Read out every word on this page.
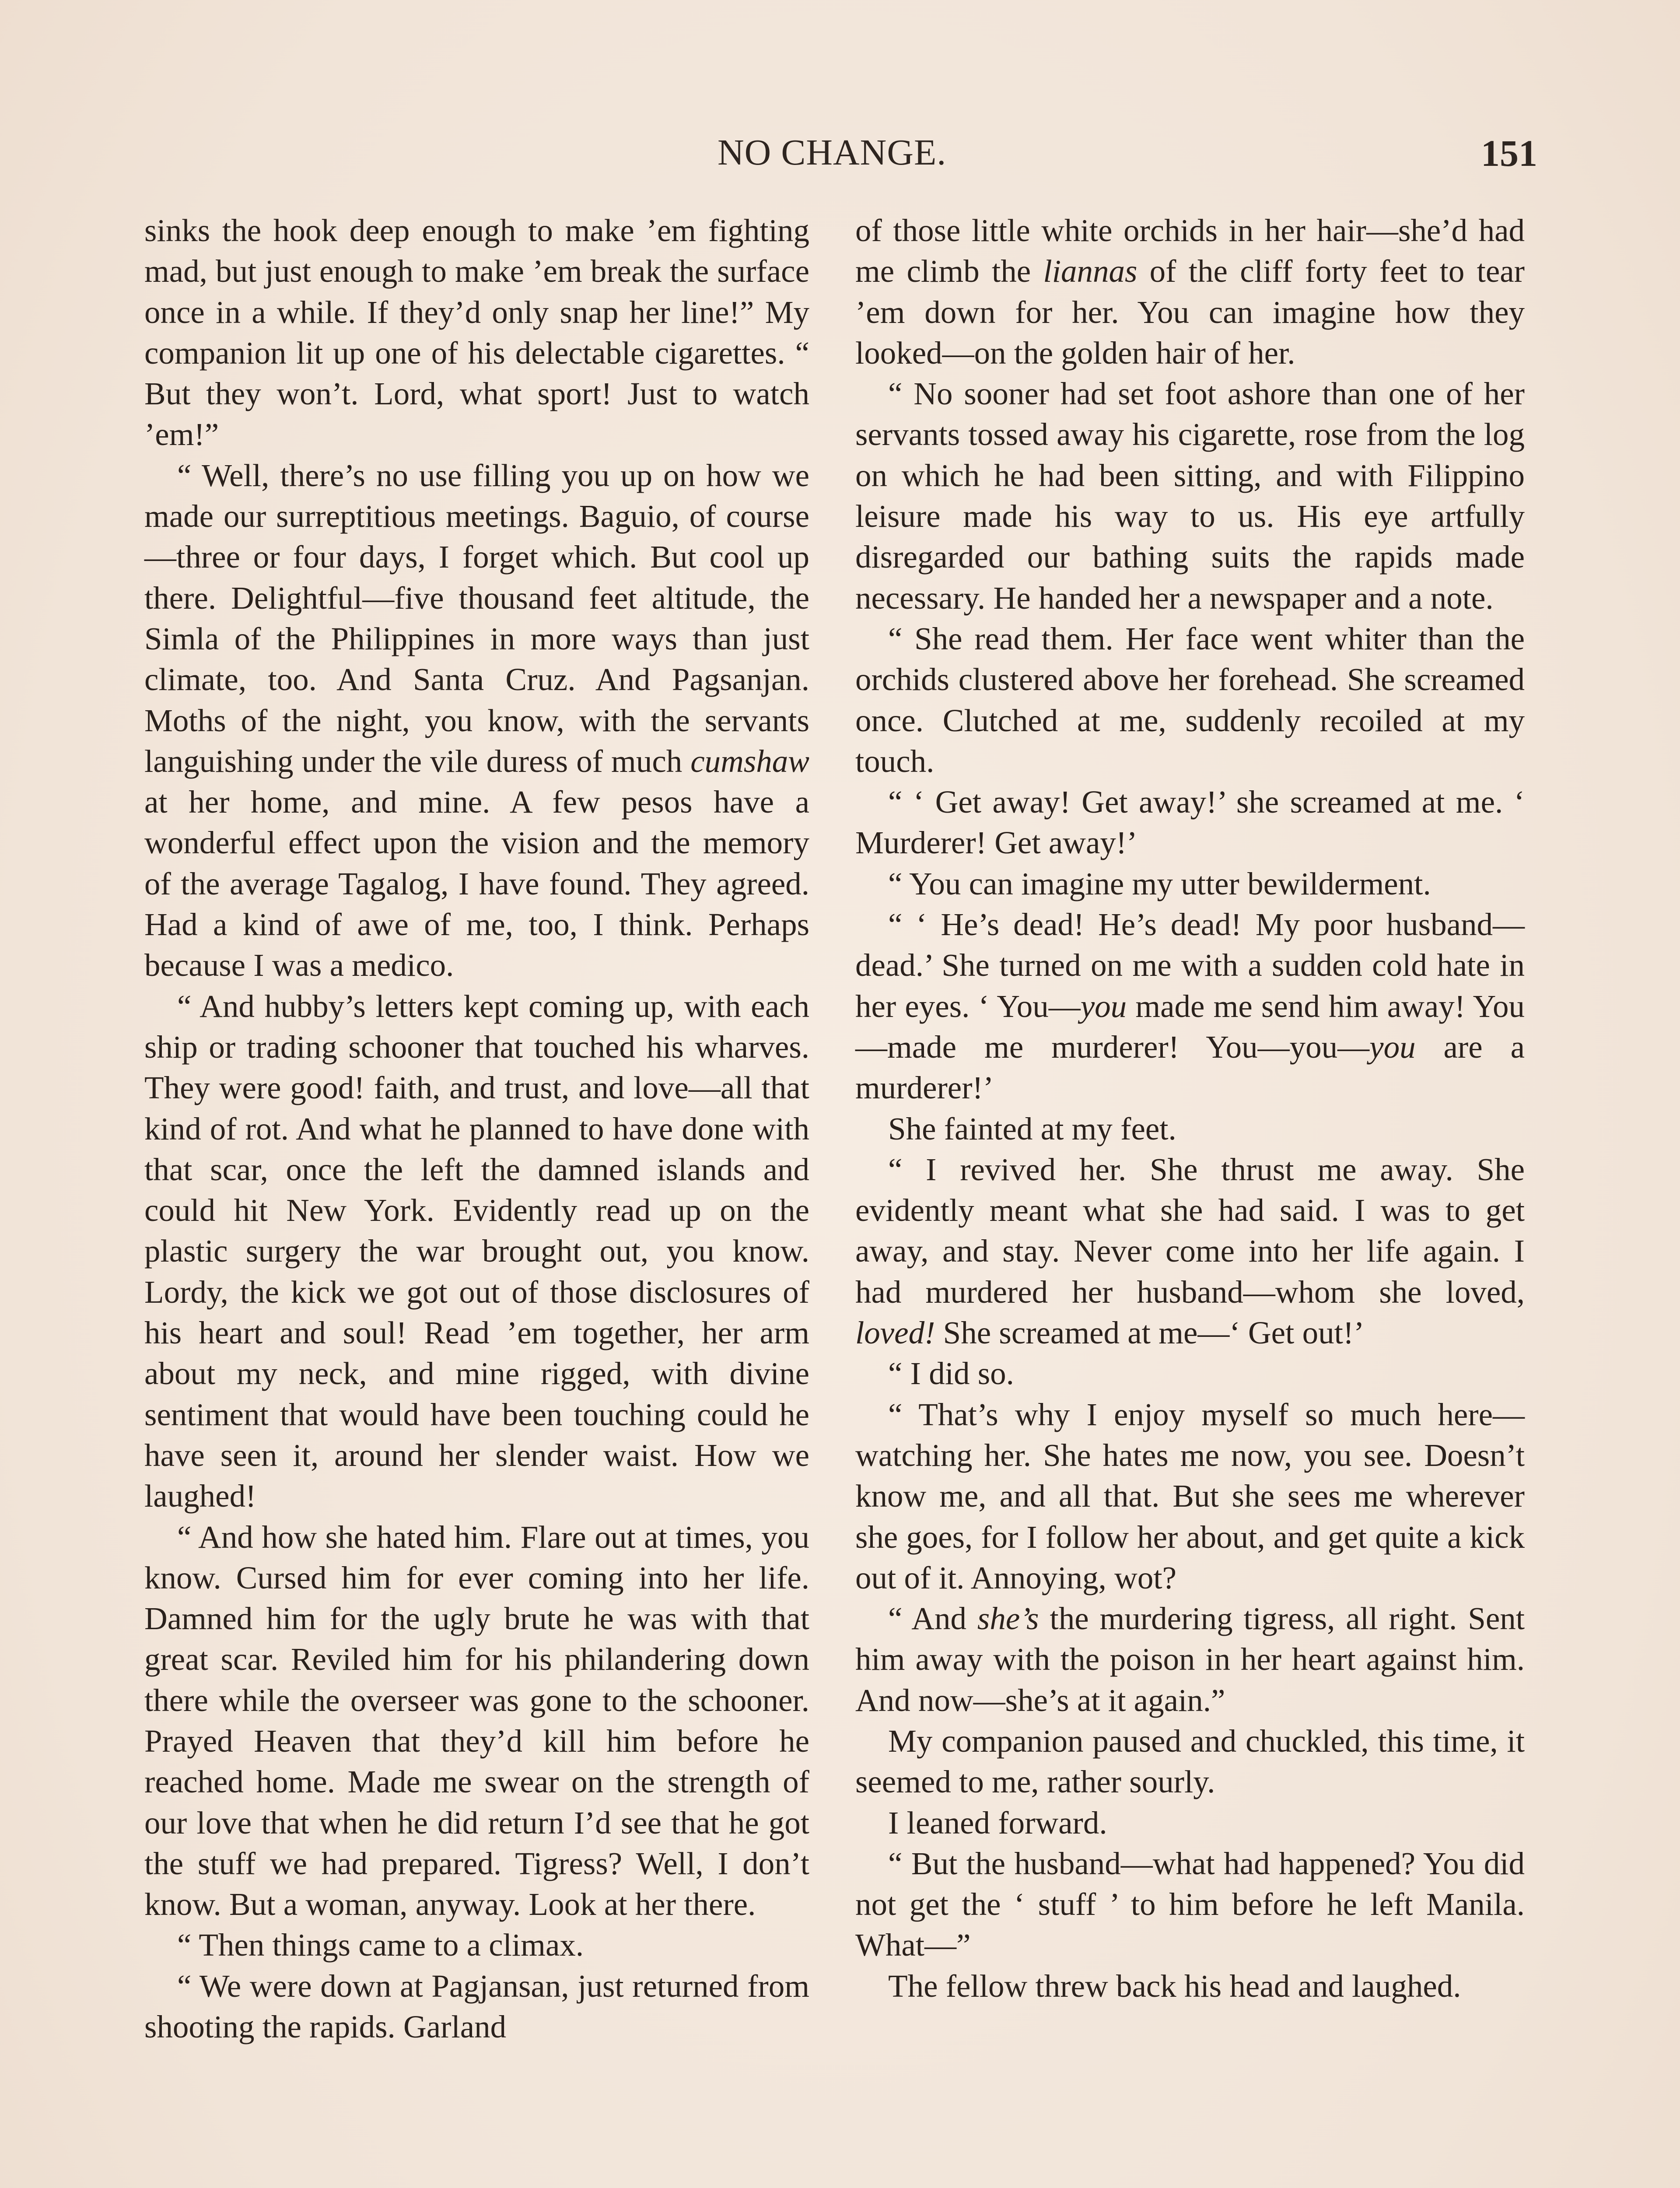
NO CHANGE.	151

sinks the hook deep enough to make ’em fighting mad, but just enough to make ’em break the surface once in a while. If they’d only snap her line!” My companion lit up one of his delectable cigarettes. “ But they won’t. Lord, what sport! Just to watch ’em!”

“ Well, there’s no use filling you up on how we made our surreptitious meetings. Baguio, of course—three or four days, I forget which. But cool up there. Delightful—five thousand feet altitude, the Simla of the Philippines in more ways than just climate, too. And Santa Cruz. And Pagsanjan. Moths of the night, you know, with the servants languishing under the vile duress of much cumshaw at her home, and mine. A few pesos have a wonderful effect upon the vision and the memory of the average Tagalog, I have found. They agreed. Had a kind of awe of me, too, I think. Perhaps because I was a medico.

“ And hubby’s letters kept coming up, with each ship or trading schooner that touched his wharves. They were good! faith, and trust, and love—all that kind of rot. And what he planned to have done with that scar, once the left the damned islands and could hit New York. Evidently read up on the plastic surgery the war brought out, you know. Lordy, the kick we got out of those disclosures of his heart and soul! Read ’em together, her arm about my neck, and mine rigged, with divine sentiment that would have been touching could he have seen it, around her slender waist. How we laughed!

“ And how she hated him. Flare out at times, you know. Cursed him for ever coming into her life. Damned him for the ugly brute he was with that great scar. Reviled him for his philandering down there while the overseer was gone to the schooner. Prayed Heaven that they’d kill him before he reached home. Made me swear on the strength of our love that when he did return I’d see that he got the stuff we had prepared. Tigress? Well, I don’t know. But a woman, anyway. Look at her there.

“ Then things came to a climax.

“ We were down at Pagjansan, just returned from shooting the rapids. Garland

of those little white orchids in her hair—she’d had me climb the liannas of the cliff forty feet to tear ’em down for her. You can imagine how they looked—on the golden hair of her.

“ No sooner had set foot ashore than one of her servants tossed away his cigarette, rose from the log on which he had been sitting, and with Filippino leisure made his way to us. His eye artfully disregarded our bathing suits the rapids made necessary. He handed her a newspaper and a note.

“ She read them. Her face went whiter than the orchids clustered above her forehead. She screamed once. Clutched at me, suddenly recoiled at my touch.

“ ‘ Get away! Get away!’ she screamed at me. ‘ Murderer! Get away!’

“ You can imagine my utter bewilderment.

“ ‘ He’s dead! He’s dead! My poor husband—dead.’ She turned on me with a sudden cold hate in her eyes. ‘ You—you made me send him away! You—made me murderer! You—you—you are a murderer!’

She fainted at my feet.

“ I revived her. She thrust me away. She evidently meant what she had said. I was to get away, and stay. Never come into her life again. I had murdered her husband—whom she loved, loved! She screamed at me—‘ Get out!’

“ I did so.

“ That’s why I enjoy myself so much here—watching her. She hates me now, you see. Doesn’t know me, and all that. But she sees me wherever she goes, for I follow her about, and get quite a kick out of it. Annoying, wot?

“ And she’s the murdering tigress, all right. Sent him away with the poison in her heart against him. And now—she’s at it again.”

My companion paused and chuckled, this time, it seemed to me, rather sourly.

I leaned forward.

“ But the husband—what had happened? You did not get the ‘ stuff ’ to him before he left Manila. What—”

The fellow threw back his head and laughed.
